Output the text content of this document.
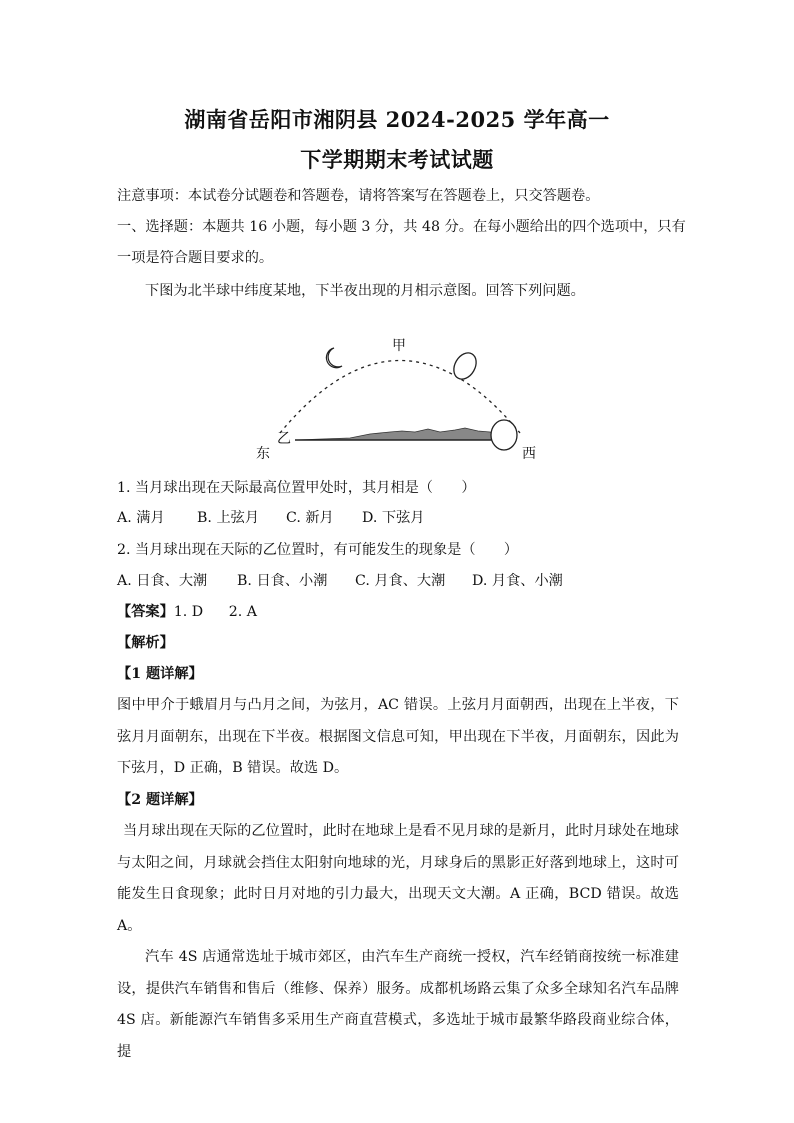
湖南省岳阳市湘阴县 2024-2025 学年高一
下学期期末考试试题
注意事项：本试卷分试题卷和答题卷，请将答案写在答题卷上，只交答题卷。
一、选择题：本题共 16 小题，每小题 3 分，共 48 分。在每小题给出的四个选项中，只有
一项是符合题目要求的。
下图为北半球中纬度某地，下半夜出现的月相示意图。回答下列问题。
甲
乙
东	西
1. 当月球出现在天际最高位置甲处时，其月相是（　　）
A. 满月 B. 上弦月 C. 新月 D. 下弦月
2. 当月球出现在天际的乙位置时，有可能发生的现象是（　　）
A. 日食、大潮 B. 日食、小潮 C. 月食、大潮 D. 月食、小潮
【答案】1. D 2. A
【解析】
【1 题详解】
图中甲介于蛾眉月与凸月之间，为弦月，AC 错误。上弦月月面朝西，出现在上半夜，下弦月月面朝东，出现在下半夜。根据图文信息可知，甲出现在下半夜，月面朝东，因此为下弦月，D 正确，B 错误。故选 D。
【2 题详解】
当月球出现在天际的乙位置时，此时在地球上是看不见月球的是新月，此时月球处在地球与太阳之间，月球就会挡住太阳射向地球的光，月球身后的黑影正好落到地球上，这时可能发生日食现象；此时日月对地的引力最大，出现天文大潮。A 正确，BCD 错误。故选 A。
汽车 4S 店通常选址于城市郊区，由汽车生产商统一授权，汽车经销商按统一标准建设，提供汽车销售和售后（维修、保养）服务。成都机场路云集了众多全球知名汽车品牌 4S 店。新能源汽车销售多采用生产商直营模式，多选址于城市最繁华路段商业综合体，提
